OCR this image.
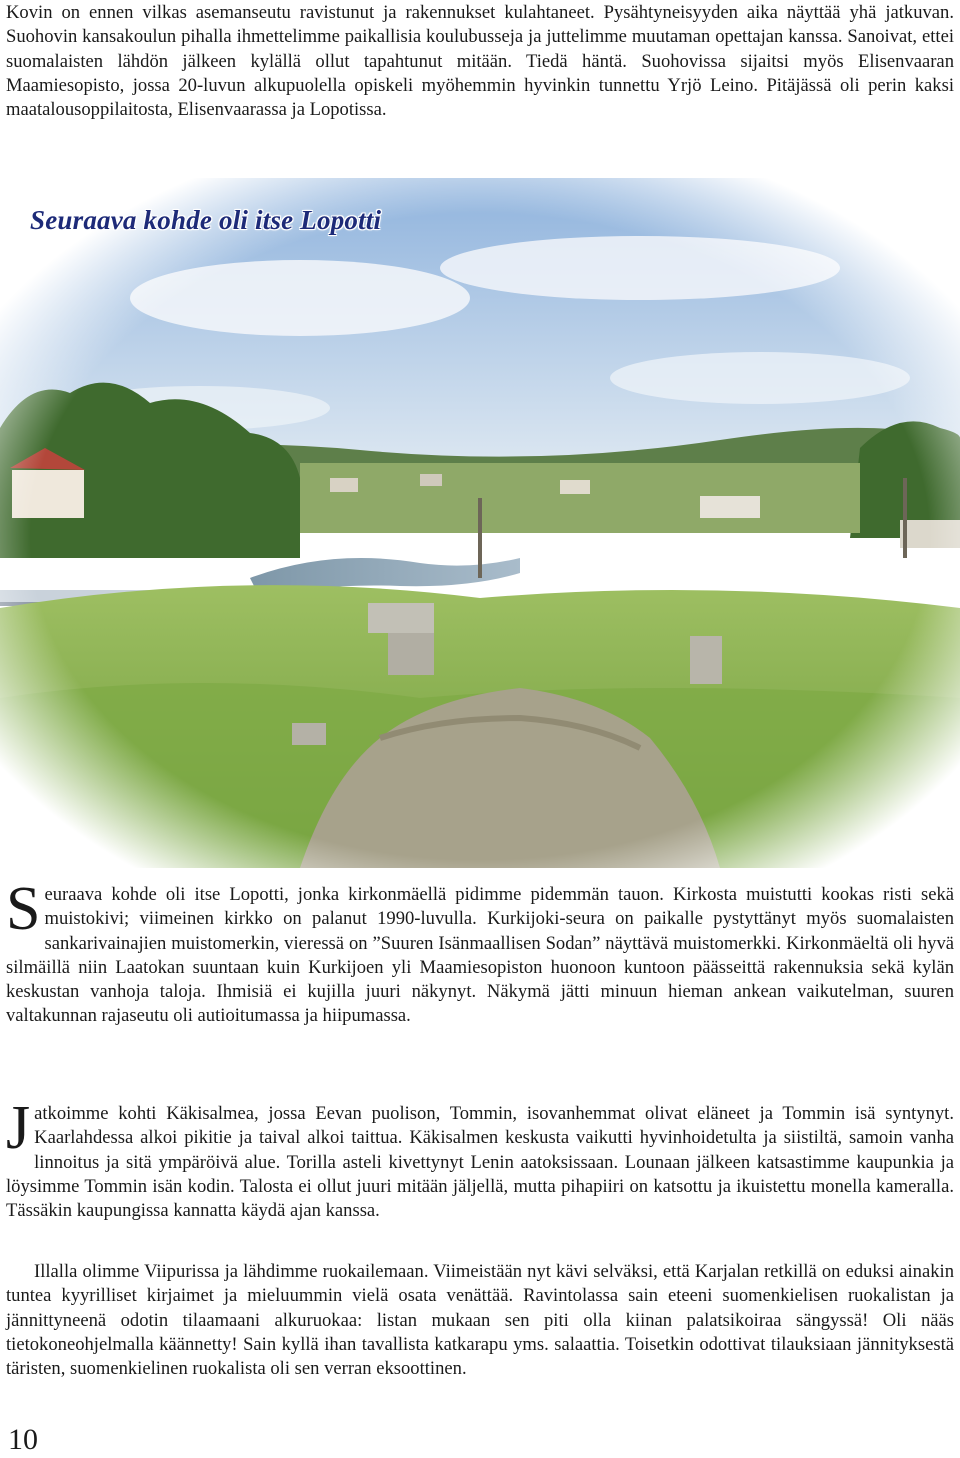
Kovin on ennen vilkas asemanseutu ravistunut ja rakennukset kulahtaneet. Pysähtyneisyyden aika näyttää yhä jatkuvan. Suohovin kansakoulun pihalla ihmettelimme paikallisia koulubusseja ja juttelimme muutaman opettajan kanssa. Sanoivat, ettei suomalaisten lähdön jälkeen kylällä ollut tapahtunut mitään. Tiedä häntä. Suohovissa sijaitsi myös Elisenvaaran Maamiesopisto, jossa 20-luvun alkupuolella opiskeli myöhemmin hyvinkin tunnettu Yrjö Leino. Pitäjässä oli perin kaksi maatalousoppilaitosta, Elisenvaarassa ja Lopotissa.

Seuraava kohde oli itse Lopotti

Seuraava kohde oli itse Lopotti, jonka kirkonmäellä pidimme pidemmän tauon. Kirkosta muistutti kookas risti sekä muistokivi; viimeinen kirkko on palanut 1990-luvulla. Kurkijoki-seura on paikalle pystyttänyt myös suomalaisten sankarivainajien muistomerkin, vieressä on ”Suuren Isänmaallisen Sodan” näyttävä muistomerkki. Kirkonmäeltä oli hyvä silmäillä niin Laatokan suuntaan kuin Kurkijoen yli Maamiesopiston huonoon kuntoon päässeittä rakennuksia sekä kylän keskustan vanhoja taloja. Ihmisiä ei kujilla juuri näkynyt. Näkymä jätti minuun hieman ankean vaikutelman, suuren valtakunnan rajaseutu oli autioitumassa ja hiipumassa.

Jatkoimme kohti Käkisalmea, jossa Eevan puolison, Tommin, isovanhemmat olivat eläneet ja Tommin isä syntynyt. Kaarlahdessa alkoi pikitie ja taival alkoi taittua. Käkisalmen keskusta vaikutti hyvinhoidetulta ja siistiltä, samoin vanha linnoitus ja sitä ympäröivä alue. Torilla asteli kivettynyt Lenin aatoksissaan. Lounaan jälkeen katsastimme kaupunkia ja löysimme Tommin isän kodin. Talosta ei ollut juuri mitään jäljellä, mutta pihapiiri on katsottu ja ikuistettu monella kameralla. Tässäkin kaupungissa kannatta käydä ajan kanssa.

Illalla olimme Viipurissa ja lähdimme ruokailemaan. Viimeistään nyt kävi selväksi, että Karjalan retkillä on eduksi ainakin tuntea kyyrilliset kirjaimet ja mieluummin vielä osata venättää. Ravintolassa sain eteeni suomenkielisen ruokalistan ja jännittyneenä odotin tilaamaani alkuruokaa: listan mukaan sen piti olla kiinan palatsikoiraa sängyssä! Oli nääs tietokoneohjelmalla käännetty! Sain kyllä ihan tavallista katkarapu yms. salaattia. Toisetkin odottivat tilauksiaan jännityksestä täristen, suomenkielinen ruokalista oli sen verran eksoottinen.

10
